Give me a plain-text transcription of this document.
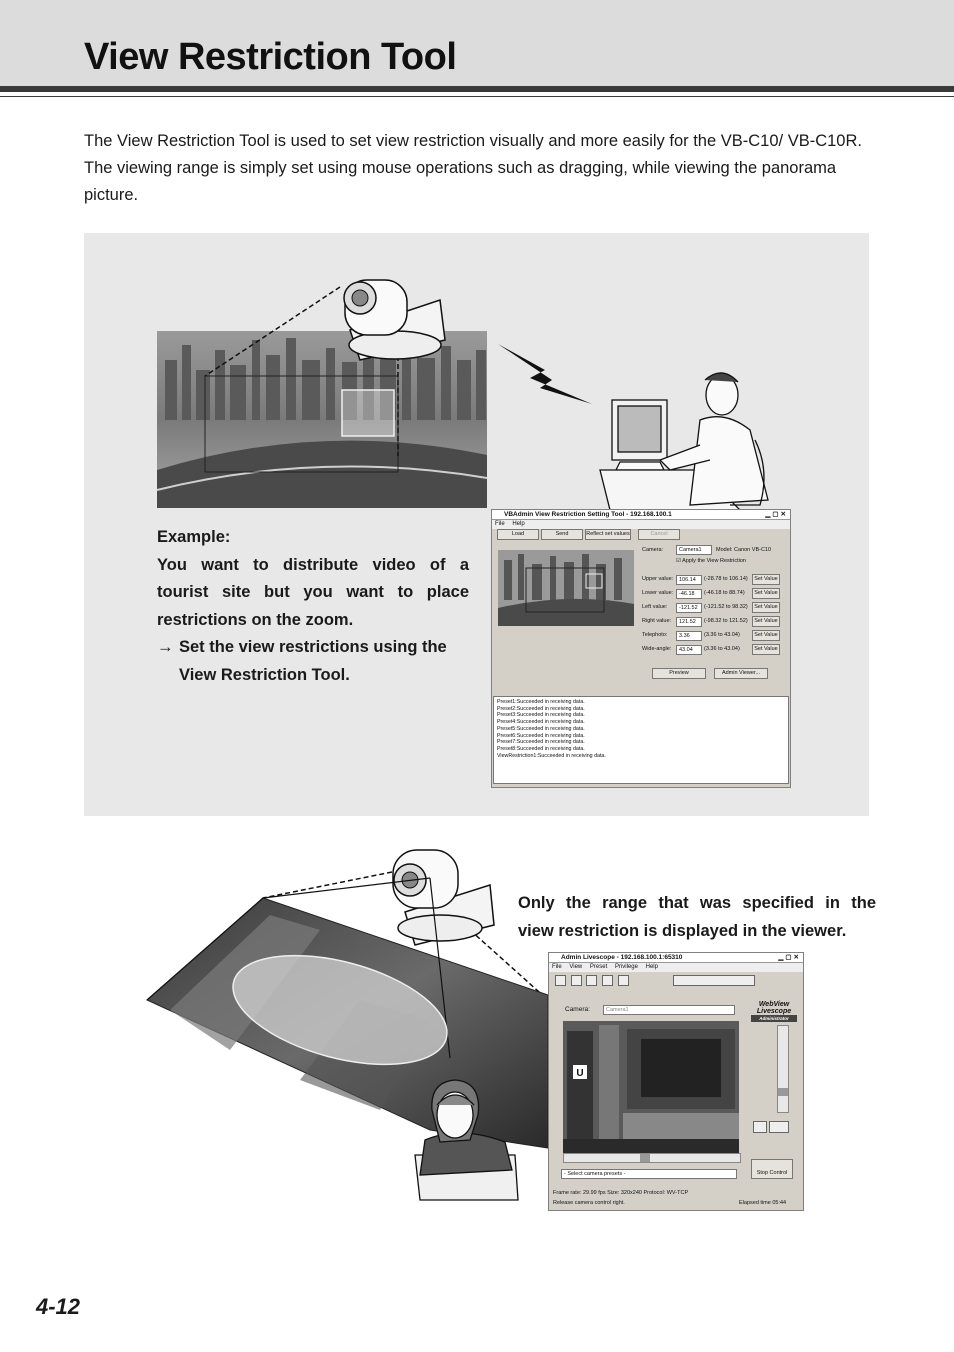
View Restriction Tool

The View Restriction Tool is used to set view restriction visually and more easily for the VB-C10/ VB-C10R. The viewing range is simply set using mouse operations such as dragging, while viewing the panorama picture.

Example:
You want to distribute video of a
tourist site but you want to place
restrictions on the zoom.
→ Set the view restrictions using the
View Restriction Tool.
VBAdmin View Restriction Setting Tool - 192.168.100.1	▁▢✕
File Help
Load	Send	Reflect set values	Cancel
Camera:	Camera1	Model: Canon VB-C10
☑ Apply the View Restriction
Upper value:	106.14	(-28.78 to 106.14)	Set Value
Lower value:	-46.18	(-46.18 to 88.74)	Set Value
Left value:	-121.52	(-121.52 to 98.32)	Set Value
Right value:	121.52	(-98.32 to 121.52)	Set Value
Telephoto:	3.36	(3.36 to 43.04)	Set Value
Wide-angle:	43.04	(3.36 to 43.04)	Set Value
Preview	Admin Viewer...
Preset1:Succeeded in receiving data.
Preset2:Succeeded in receiving data.
Preset3:Succeeded in receiving data.
Preset4:Succeeded in receiving data.
Preset5:Succeeded in receiving data.
Preset6:Succeeded in receiving data.
Preset7:Succeeded in receiving data.
Preset8:Succeeded in receiving data.
ViewRestriction1:Succeeded in receiving data.
Only the range that was specified in the
view restriction is displayed in the viewer.
Admin Livescope - 192.168.100.1:65310	▁▢✕
File View Preset Privilege Help

Camera:	Camera1
WebView
Livescope
Administrator
U
- Select camera presets -	Stop Control
Frame rate: 29.99 fps Size: 320x240 Protocol: WV-TCP
Release camera control right.	Elapsed time 05:44
4-12
